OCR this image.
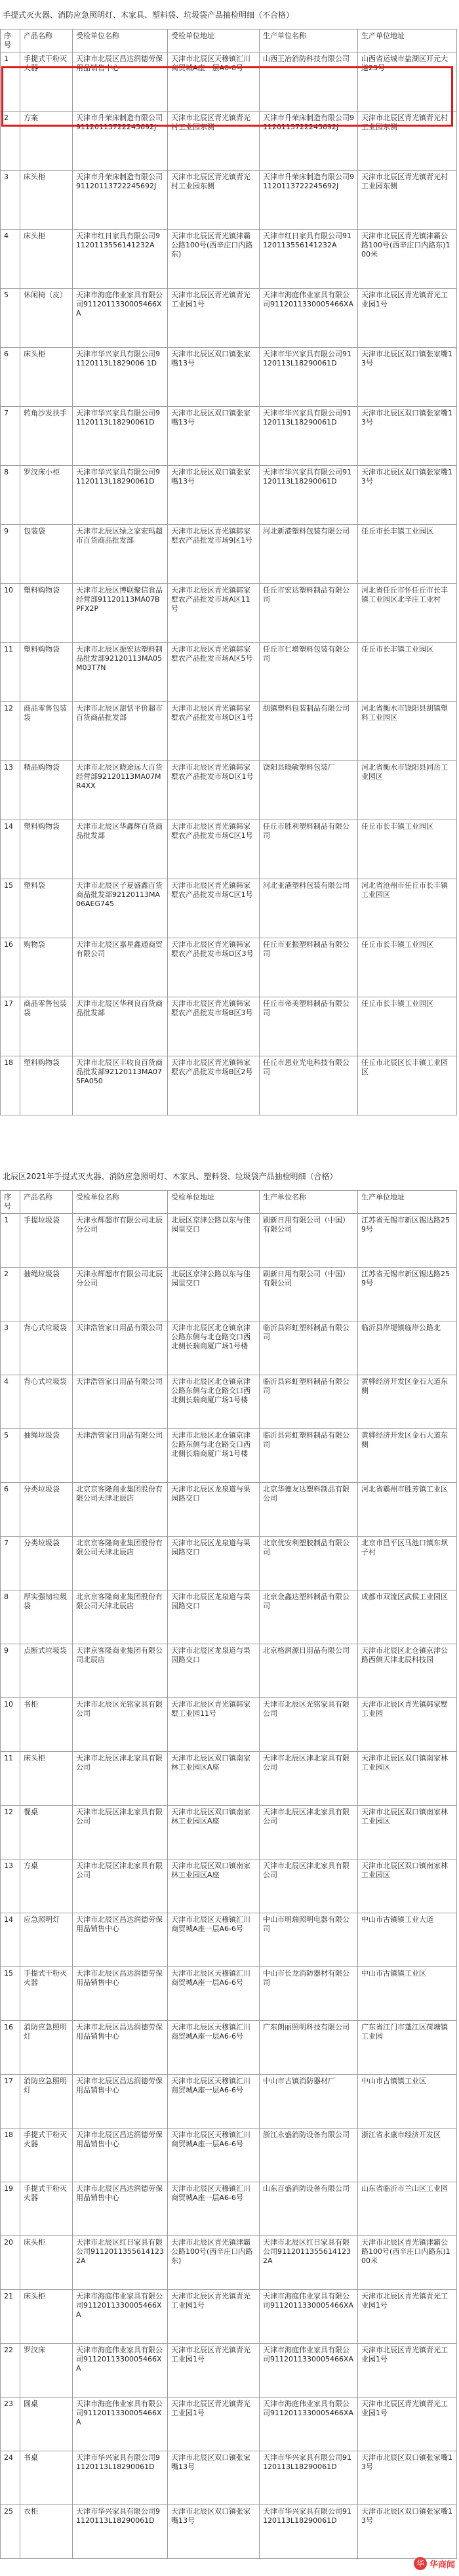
手提式灭火器、消防应急照明灯、木家具、塑料袋、垃圾袋产品抽检明细（不合格）
序号	产品名称	受检单位名称	受检单位地址	生产单位名称	生产单位地址
1	手提式干粉灭火器	天津市北辰区昌达润德劳保用品销售中心	天津市北辰区天穆镇汇川商贸城A座一层A6-6号	山西王冶消防科技有限公司	山西省运城市盐湖区开元大道23号
2	方案	天津市升荣床制造有限公司91120113722245692J	天津市北辰区青光镇青光村工业园东侧	天津市升荣床制造有限公司91120113722245692J	天津市北辰区青光镇青光村工业园东侧
3	床头柜	天津市升荣床制造有限公司91120113722245692J	天津市北辰区青光镇青光村工业园东侧	天津市升荣床制造有限公司91120113722245692J	天津市北辰区青光镇青光村工业园东侧
4	床头柜	天津市红日家具有限公司91120113556141232A	天津市北辰区青光镇津霸公路100号(西辛庄口内路东)	天津市红日家具有限公司91120113556141232A	天津市北辰区青光镇津霸公路100号(西辛庄口内路东)100米
5	休闲椅（皮）	天津市海庭伟业家具有限公司9112011330005466XA	天津市北辰区青光镇青光工业园1号	天津市海庭伟业家具有限公司9112011330005466XA	天津市北辰区青光镇青光工业园1号
6	床头柜	天津市华兴家具有限公司91120113L1829006 1D	天津市北辰区双口镇张家嘴13号	天津市华兴家具有限公司91120113L18290061D	天津市北辰区双口镇张家嘴13号
7	转角沙发扶手	天津市华兴家具有限公司91120113L18290061D	天津市北辰区双口镇张家嘴13号	天津市华兴家具有限公司91120113L18290061D	天津市北辰区双口镇张家嘴13号
8	罗汉床小柜	天津市华兴家具有限公司91120113L18290061D	天津市北辰区双口镇张家嘴13号	天津市华兴家具有限公司91120113L18290061D	天津市北辰区双口镇张家嘴13号
9	包装袋	天津市北辰区绿之家宏玛超市百货商品批发部	天津市北辰区青光镇韩家墅农产品批发市场9区1号	河北新港塑料包装有限公司	任丘市长丰镇工业园区
10	塑料购物袋	天津市北辰区博联聚信食品经营部91120113MA07BPFX2P	天津市北辰区青光镇韩家墅农产品批发市场A区11号	任丘市宏达塑料制品有限公司	河北省任丘市怀任丘市长丰镇工业园区北辛庄工业村
11	塑料购物袋	天津市北辰区振宏达塑料制品批发部92120113MA05M03T7N	天津市北辰区青光镇韩家墅农产品批发市场A区5号	任丘市仁增塑料包装有限公司	任丘市长丰镇工业园区
12	商品零售包装袋	天津市北辰区甜恬平价超市百货商品批发部	天津市北辰区青光镇韩家墅农产品批发市场D区1号	胡镇塑料包装制品有限公司	河北省衡水市饶阳县胡镇塑料工业园区
13	精品购物袋	天津市北辰区晓途远大百货经营部92120113MA07MR4XX	天津市北辰区青光镇韩家墅农产品批发市场D区1号	饶阳县晓敏塑料包装厂	河北省衡水市饶阳县同岳工业园区
14	塑料购物袋	天津市北辰区华鑫辉百货商品批发部	天津市北辰区青光镇韩家墅农产品批发市场C区1号	任丘市胜利塑料制品有限公司	任丘市长丰镇工业园区
15	塑料袋	天津市北辰区子夏盛鑫百货商品批发部92120113MA06AEG745	天津市北辰区青光镇韩家墅农产品批发市场C区1号	河北亚港塑料包装有限公司	河北省沧州市任丘市长丰镇工业园区
16	购物袋	天津市北辰区嘉星鑫通商贸有限公司	天津市北辰区青光镇韩家墅农产品批发市场D区3号	任丘市亚振塑料制品有限公司	任丘市长丰镇工业园区
17	商品零售包装袋	天津市北辰区华利良百货商品批发部	天津市北辰区青光镇韩家墅农产品批发市场B区3号	任丘市帝美塑料制品有限公司	任丘市长丰镇工业园区
18	塑料购物袋	天津市北辰区丰收良百货商品批发部92120113MA075FA050	天津市北辰区青光镇韩家墅农产品批发市场B区2号	任丘市恩业光电科技有限公司	任丘市北辰区长丰镇工业园区
北辰区2021年手提式灭火器、消防应急照明灯、木家具、塑料袋、垃圾袋产品抽检明细（合格）
序号	产品名称	受检单位名称	受检单位地址	生产单位名称	生产单位地址
1	手提垃圾袋	天津永辉超市有限公司北辰分公司	北辰区京津公路以东与佳园里交口	刷新日用有限公司（中国）有限公司	江苏省无锡市新区锡达路259号
2	抽绳垃圾袋	天津永辉超市有限公司北辰分公司	北辰区京津公路以东与佳园里交口	刷新日用有限公司（中国）有限公司	江苏省无锡市新区锡达路259号
3	背心式垃圾袋	天津浩管家日用品有限公司	天津市北辰区北仓镇京津公路东侧与北仓路交口西北侧长瑞商厦广场1号楼	临沂县彩虹塑料制品有限公司	临沂县岸堤镇临岸公路北
4	背心式垃圾袋	天津浩管家日用品有限公司	天津市北辰区北仓镇京津公路东侧与北仓路交口西北侧长瑞商厦广场1号楼	临沂县彩虹塑料制品有限公司	黄骅经济开发区金石大道东侧
5	抽绳垃圾袋	天津浩管家日用品有限公司	天津市北辰区北仓镇京津公路东侧与北仓路交口西北侧长瑞商厦广场1号楼	临沂县彩虹塑料制品有限公司	黄骅经济开发区金石大道东侧
6	分类垃圾袋	北京京客隆商业集团股份有限公司天津北辰店	天津市北辰区龙泉道与果园路交口	北京华德友达塑料制品有限公司	河北省霸州市胜芳镇工业区
7	分类垃圾袋	北京京客隆商业集团股份有限公司天津北辰店	天津市北辰区龙泉道与果园路交口	北京优安利塑胶制品有限公司	北京市昌平区马池口镇东坝子村
8	厚实强韧垃圾袋	北京京客隆商业集团股份有限公司天津北辰店	天津市北辰区龙泉道与果园路交口	北京金鑫达塑料制品有限公司	成都市双流区武侯工业园区
9	点断式垃圾袋	天津京客隆商业集团有限公司北辰店	天津市北辰区龙泉道与果园路交口	北京格润源日用品有限公司	天津市北辰区北仓镇京津公路西侧天津北辰科技园
10	书柜	天津市北辰区光铭家具有限公司	天津市北辰区青光镇韩家墅工业园11号	天津市北辰区光铭家具有限公司	天津市北辰区青光镇韩家墅工业园
11	床头柜	天津市北辰区津北家具有限公司	天津市北辰区双口镇南家林工业园区A座	天津市北辰区津北家具有限公司	天津市北辰区双口镇南家林工业园区
12	餐桌	天津市北辰区津北家具有限公司	天津市北辰区双口镇南家林工业园区A座	天津市北辰区津北家具有限公司	天津市北辰区双口镇南家林工业园区
13	方桌	天津市北辰区津北家具有限公司	天津市北辰区双口镇南家林工业园区A座	天津市北辰区津北家具有限公司	天津市北辰区双口镇南家林工业园区
14	应急照明灯	天津市北辰区昌达润德劳保用品销售中心	天津市北辰区天穆镇汇川商贸城A座一层A6-6号	中山市明瑞照明电器有限公司	中山市古镇镇工业大道
15	手提式干粉灭火器	天津市北辰区昌达润德劳保用品销售中心	天津市北辰区天穆镇汇川商贸城A座一层A6-6号	中山市长龙消防器材有限公司	中山市古镇镇工业区
16	消防应急照明灯	天津市北辰区昌达润德劳保用品销售中心	天津市北辰区天穆镇汇川商贸城A座一层A6-6号	广东朗丽照明科技有限公司	广东省江门市蓬江区荷塘镇工业园
17	消防应急照明灯	天津市北辰区昌达润德劳保用品销售中心	天津市北辰区天穆镇汇川商贸城A座一层A6-6号	中山市古镇消防器材厂	中山市古镇镇工业区
18	手提式干粉灭火器	天津市北辰区昌达润德劳保用品销售中心	天津市北辰区天穆镇汇川商贸城A座一层A6-6号	浙江永盛消防设备有限公司	浙江省永康市经济开发区
19	手提式干粉灭火器	天津市北辰区昌达润德劳保用品销售中心	天津市北辰区天穆镇汇川商贸城A座一层A6-6号	山东百盛消防设备有限公司	山东省临沂市兰山区工业园
20	床头柜	天津市北辰区红日家具有限公司91120113556141232A	天津市北辰区青光镇津霸公路100号(西辛庄口内路东)	天津市北辰区红日家具有限公司91120113556141232A	天津市北辰区青光镇津霸公路100号(西辛庄口内路东)100米
21	床头柜	天津市海庭伟业家具有限公司9112011330005466XA	天津市北辰区青光镇青光工业园1号	天津市海庭伟业家具有限公司9112011330005466XA	天津市北辰区青光镇青光工业园1号
22	罗汉床	天津市海庭伟业家具有限公司9112011330005466XA	天津市北辰区青光镇青光工业园1号	天津市海庭伟业家具有限公司9112011330005466XA	天津市北辰区青光镇青光工业园1号
23	圆桌	天津市海庭伟业家具有限公司9112011330005466XA	天津市北辰区青光镇青光工业园1号	天津市海庭伟业家具有限公司9112011330005466XA	天津市北辰区青光镇青光工业园1号
24	书桌	天津市华兴家具有限公司91120113L18290061D	天津市北辰区双口镇张家嘴13号	天津市华兴家具有限公司91120113L18290061D	天津市北辰区双口镇张家嘴13号
25	衣柜	天津市华兴家具有限公司91120113L18290061D	天津市北辰区双口镇张家嘴13号	天津市华兴家具有限公司91120113L18290061D	天津市北辰区双口镇张家嘴13号
华 华商闻
